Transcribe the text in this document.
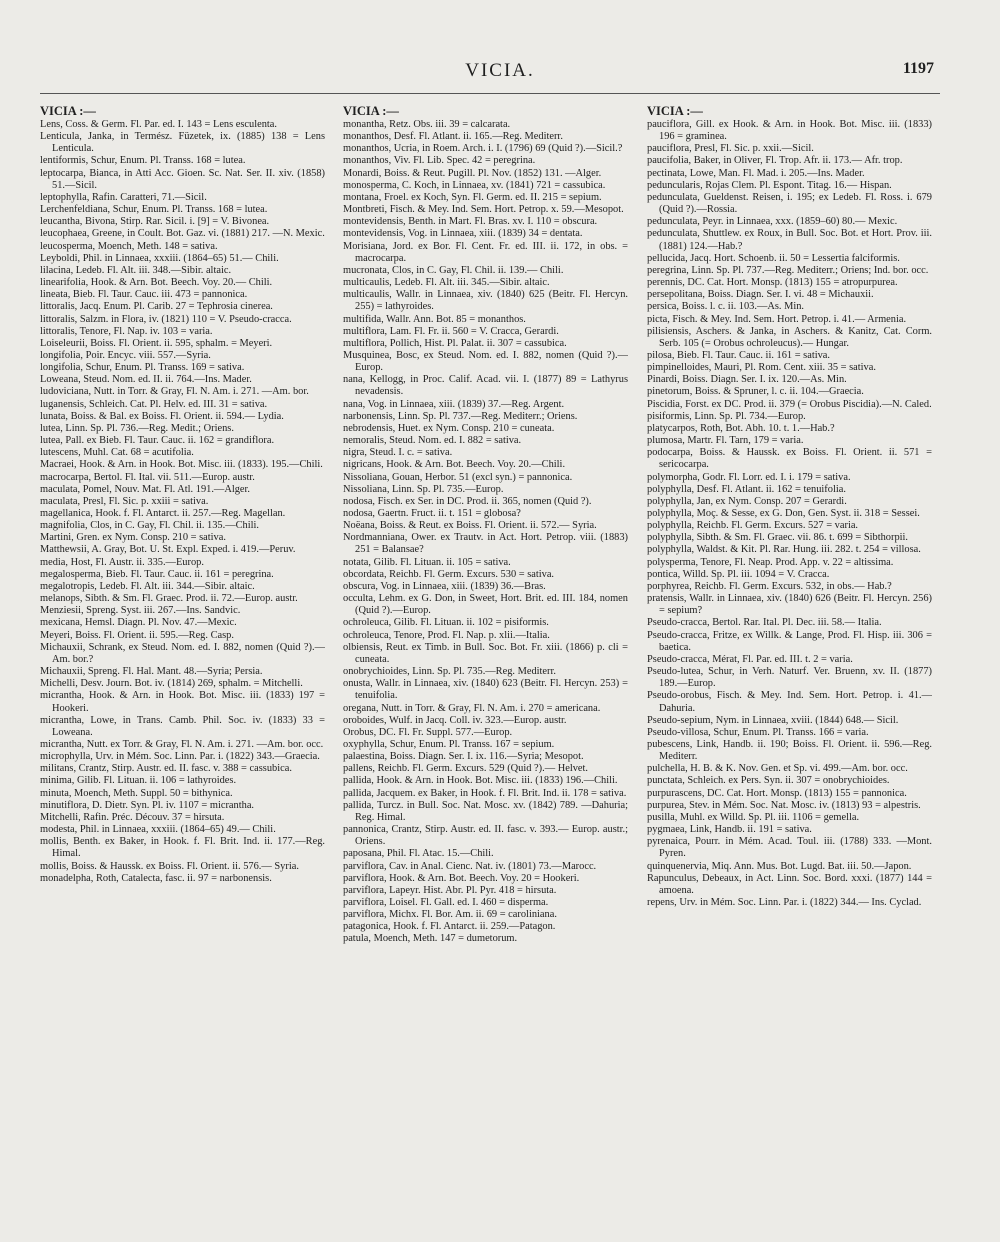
VICIA.	1197
VICIA :—

Lens, Coss. & Germ. Fl. Par. ed. I. 143 = Lens esculenta.

Lenticula, Janka, in Termész. Füzetek, ix. (1885) 138 = Lens Lenticula.

lentiformis, Schur, Enum. Pl. Transs. 168 = lutea.

leptocarpa, Bianca, in Atti Acc. Gioen. Sc. Nat. Ser. II. xiv. (1858) 51.—Sicil.

leptophylla, Rafin. Caratteri, 71.—Sicil.

Lerchenfeldiana, Schur, Enum. Pl. Transs. 168 = lutea.

leucantha, Bivona, Stirp. Rar. Sicil. i. [9] = V. Bivonea.

leucophaea, Greene, in Coult. Bot. Gaz. vi. (1881) 217. —N. Mexic.

leucosperma, Moench, Meth. 148 = sativa.

Leyboldi, Phil. in Linnaea, xxxiii. (1864–65) 51.— Chili.

lilacina, Ledeb. Fl. Alt. iii. 348.—Sibir. altaic.

linearifolia, Hook. & Arn. Bot. Beech. Voy. 20.— Chili.

lineata, Bieb. Fl. Taur. Cauc. iii. 473 = pannonica.

littoralis, Jacq. Enum. Pl. Carib. 27 = Tephrosia cinerea.

littoralis, Salzm. in Flora, iv. (1821) 110 = V. Pseudo-cracca.

littoralis, Tenore, Fl. Nap. iv. 103 = varia.

Loiseleurii, Boiss. Fl. Orient. ii. 595, sphalm. = Meyeri.

longifolia, Poir. Encyc. viii. 557.—Syria.

longifolia, Schur, Enum. Pl. Transs. 169 = sativa.

Loweana, Steud. Nom. ed. II. ii. 764.—Ins. Mader.

ludoviciana, Nutt. in Torr. & Gray, Fl. N. Am. i. 271. —Am. bor.

luganensis, Schleich. Cat. Pl. Helv. ed. III. 31 = sativa.

lunata, Boiss. & Bal. ex Boiss. Fl. Orient. ii. 594.— Lydia.

lutea, Linn. Sp. Pl. 736.—Reg. Medit.; Oriens.

lutea, Pall. ex Bieb. Fl. Taur. Cauc. ii. 162 = grandiflora.

lutescens, Muhl. Cat. 68 = acutifolia.

Macraei, Hook. & Arn. in Hook. Bot. Misc. iii. (1833). 195.—Chili.

macrocarpa, Bertol. Fl. Ital. vii. 511.—Europ. austr.

maculata, Pomel, Nouv. Mat. Fl. Atl. 191.—Alger.

maculata, Presl, Fl. Sic. p. xxiii = sativa.

magellanica, Hook. f. Fl. Antarct. ii. 257.—Reg. Magellan.

magnifolia, Clos, in C. Gay, Fl. Chil. ii. 135.—Chili.

Martini, Gren. ex Nym. Consp. 210 = sativa.

Matthewsii, A. Gray, Bot. U. St. Expl. Exped. i. 419.—Peruv.

media, Host, Fl. Austr. ii. 335.—Europ.

megalosperma, Bieb. Fl. Taur. Cauc. ii. 161 = peregrina.

megalotropis, Ledeb. Fl. Alt. iii. 344.—Sibir. altaic.

melanops, Sibth. & Sm. Fl. Graec. Prod. ii. 72.—Europ. austr.

Menziesii, Spreng. Syst. iii. 267.—Ins. Sandvic.

mexicana, Hemsl. Diagn. Pl. Nov. 47.—Mexic.

Meyeri, Boiss. Fl. Orient. ii. 595.—Reg. Casp.

Michauxii, Schrank, ex Steud. Nom. ed. I. 882, nomen (Quid ?).—Am. bor.?

Michauxii, Spreng. Fl. Hal. Mant. 48.—Syria; Persia.

Michelli, Desv. Journ. Bot. iv. (1814) 269, sphalm. = Mitchelli.

micrantha, Hook. & Arn. in Hook. Bot. Misc. iii. (1833) 197 = Hookeri.

micrantha, Lowe, in Trans. Camb. Phil. Soc. iv. (1833) 33 = Loweana.

micrantha, Nutt. ex Torr. & Gray, Fl. N. Am. i. 271. —Am. bor. occ.

microphylla, Urv. in Mém. Soc. Linn. Par. i. (1822) 343.—Graecia.

militans, Crantz, Stirp. Austr. ed. II. fasc. v. 388 = cassubica.

minima, Gilib. Fl. Lituan. ii. 106 = lathyroides.

minuta, Moench, Meth. Suppl. 50 = bithynica.

minutiflora, D. Dietr. Syn. Pl. iv. 1107 = micrantha.

Mitchelli, Rafin. Préc. Découv. 37 = hirsuta.

modesta, Phil. in Linnaea, xxxiii. (1864–65) 49.— Chili.

mollis, Benth. ex Baker, in Hook. f. Fl. Brit. Ind. ii. 177.—Reg. Himal.

mollis, Boiss. & Haussk. ex Boiss. Fl. Orient. ii. 576.— Syria.

monadelpha, Roth, Catalecta, fasc. ii. 97 = narbonensis.

VICIA :—

monantha, Retz. Obs. iii. 39 = calcarata.

monanthos, Desf. Fl. Atlant. ii. 165.—Reg. Mediterr.

monanthos, Ucria, in Roem. Arch. i. I. (1796) 69 (Quid ?).—Sicil.?

monanthos, Viv. Fl. Lib. Spec. 42 = peregrina.

Monardi, Boiss. & Reut. Pugill. Pl. Nov. (1852) 131. —Alger.

monosperma, C. Koch, in Linnaea, xv. (1841) 721 = cassubica.

montana, Froel. ex Koch, Syn. Fl. Germ. ed. II. 215 = sepium.

Montbreti, Fisch. & Mey. Ind. Sem. Hort. Petrop. x. 59.—Mesopot.

montevidensis, Benth. in Mart. Fl. Bras. xv. I. 110 = obscura.

montevidensis, Vog. in Linnaea, xiii. (1839) 34 = dentata.

Morisiana, Jord. ex Bor. Fl. Cent. Fr. ed. III. ii. 172, in obs. = macrocarpa.

mucronata, Clos, in C. Gay, Fl. Chil. ii. 139.— Chili.

multicaulis, Ledeb. Fl. Alt. iii. 345.—Sibir. altaic.

multicaulis, Wallr. in Linnaea, xiv. (1840) 625 (Beitr. Fl. Hercyn. 255) = lathyroides.

multifida, Wallr. Ann. Bot. 85 = monanthos.

multiflora, Lam. Fl. Fr. ii. 560 = V. Cracca, Gerardi.

multiflora, Pollich, Hist. Pl. Palat. ii. 307 = cassubica.

Musquinea, Bosc, ex Steud. Nom. ed. I. 882, nomen (Quid ?).—Europ.

nana, Kellogg, in Proc. Calif. Acad. vii. I. (1877) 89 = Lathyrus nevadensis.

nana, Vog. in Linnaea, xiii. (1839) 37.—Reg. Argent.

narbonensis, Linn. Sp. Pl. 737.—Reg. Mediterr.; Oriens.

nebrodensis, Huet. ex Nym. Consp. 210 = cuneata.

nemoralis, Steud. Nom. ed. I. 882 = sativa.

nigra, Steud. I. c. = sativa.

nigricans, Hook. & Arn. Bot. Beech. Voy. 20.—Chili.

Nissoliana, Gouan, Herbor. 51 (excl syn.) = pannonica.

Nissoliana, Linn. Sp. Pl. 735.—Europ.

nodosa, Fisch. ex Ser. in DC. Prod. ii. 365, nomen (Quid ?).

nodosa, Gaertn. Fruct. ii. t. 151 = globosa?

Noëana, Boiss. & Reut. ex Boiss. Fl. Orient. ii. 572.— Syria.

Nordmanniana, Ower. ex Trautv. in Act. Hort. Petrop. viii. (1883) 251 = Balansae?

notata, Gilib. Fl. Lituan. ii. 105 = sativa.

obcordata, Reichb. Fl. Germ. Excurs. 530 = sativa.

obscura, Vog. in Linnaea, xiii. (1839) 36.—Bras.

occulta, Lehm. ex G. Don, in Sweet, Hort. Brit. ed. III. 184, nomen (Quid ?).—Europ.

ochroleuca, Gilib. Fl. Lituan. ii. 102 = pisiformis.

ochroleuca, Tenore, Prod. Fl. Nap. p. xlii.—Italia.

olbiensis, Reut. ex Timb. in Bull. Soc. Bot. Fr. xiii. (1866) p. cli = cuneata.

onobrychioides, Linn. Sp. Pl. 735.—Reg. Mediterr.

onusta, Wallr. in Linnaea, xiv. (1840) 623 (Beitr. Fl. Hercyn. 253) = tenuifolia.

oregana, Nutt. in Torr. & Gray, Fl. N. Am. i. 270 = americana.

oroboides, Wulf. in Jacq. Coll. iv. 323.—Europ. austr.

Orobus, DC. Fl. Fr. Suppl. 577.—Europ.

oxyphylla, Schur, Enum. Pl. Transs. 167 = sepium.

palaestina, Boiss. Diagn. Ser. I. ix. 116.—Syria; Mesopot.

pallens, Reichb. Fl. Germ. Excurs. 529 (Quid ?).— Helvet.

pallida, Hook. & Arn. in Hook. Bot. Misc. iii. (1833) 196.—Chili.

pallida, Jacquem. ex Baker, in Hook. f. Fl. Brit. Ind. ii. 178 = sativa.

pallida, Turcz. in Bull. Soc. Nat. Mosc. xv. (1842) 789. —Dahuria; Reg. Himal.

pannonica, Crantz, Stirp. Austr. ed. II. fasc. v. 393.— Europ. austr.; Oriens.

paposana, Phil. Fl. Atac. 15.—Chili.

parviflora, Cav. in Anal. Cienc. Nat. iv. (1801) 73.—Marocc.

parviflora, Hook. & Arn. Bot. Beech. Voy. 20 = Hookeri.

parviflora, Lapeyr. Hist. Abr. Pl. Pyr. 418 = hirsuta.

parviflora, Loisel. Fl. Gall. ed. I. 460 = disperma.

parviflora, Michx. Fl. Bor. Am. ii. 69 = caroliniana.

patagonica, Hook. f. Fl. Antarct. ii. 259.—Patagon.

patula, Moench, Meth. 147 = dumetorum.

VICIA :—

pauciflora, Gill. ex Hook. & Arn. in Hook. Bot. Misc. iii. (1833) 196 = graminea.

pauciflora, Presl, Fl. Sic. p. xxii.—Sicil.

paucifolia, Baker, in Oliver, Fl. Trop. Afr. ii. 173.— Afr. trop.

pectinata, Lowe, Man. Fl. Mad. i. 205.—Ins. Mader.

peduncularis, Rojas Clem. Pl. Espont. Titag. 16.— Hispan.

pedunculata, Gueldenst. Reisen, i. 195; ex Ledeb. Fl. Ross. i. 679 (Quid ?).—Rossia.

pedunculata, Peyr. in Linnaea, xxx. (1859–60) 80.— Mexic.

pedunculata, Shuttlew. ex Roux, in Bull. Soc. Bot. et Hort. Prov. iii. (1881) 124.—Hab.?

pellucida, Jacq. Hort. Schoenb. ii. 50 = Lessertia falciformis.

peregrina, Linn. Sp. Pl. 737.—Reg. Mediterr.; Oriens; Ind. bor. occ.

perennis, DC. Cat. Hort. Monsp. (1813) 155 = atropurpurea.

persepolitana, Boiss. Diagn. Ser. I. vi. 48 = Michauxii.

persica, Boiss. l. c. ii. 103.—As. Min.

picta, Fisch. & Mey. Ind. Sem. Hort. Petrop. i. 41.— Armenia.

pilisiensis, Aschers. & Janka, in Aschers. & Kanitz, Cat. Corm. Serb. 105 (= Orobus ochroleucus).— Hungar.

pilosa, Bieb. Fl. Taur. Cauc. ii. 161 = sativa.

pimpinelloides, Mauri, Pl. Rom. Cent. xiii. 35 = sativa.

Pinardi, Boiss. Diagn. Ser. I. ix. 120.—As. Min.

pinetorum, Boiss. & Spruner, l. c. ii. 104.—Graecia.

Piscidia, Forst. ex DC. Prod. ii. 379 (= Orobus Piscidia).—N. Caled.

pisiformis, Linn. Sp. Pl. 734.—Europ.

platycarpos, Roth, Bot. Abh. 10. t. 1.—Hab.?

plumosa, Martr. Fl. Tarn, 179 = varia.

podocarpa, Boiss. & Haussk. ex Boiss. Fl. Orient. ii. 571 = sericocarpa.

polymorpha, Godr. Fl. Lorr. ed. I. i. 179 = sativa.

polyphylla, Desf. Fl. Atlant. ii. 162 = tenuifolia.

polyphylla, Jan, ex Nym. Consp. 207 = Gerardi.

polyphylla, Moç. & Sesse, ex G. Don, Gen. Syst. ii. 318 = Sessei.

polyphylla, Reichb. Fl. Germ. Excurs. 527 = varia.

polyphylla, Sibth. & Sm. Fl. Graec. vii. 86. t. 699 = Sibthorpii.

polyphylla, Waldst. & Kit. Pl. Rar. Hung. iii. 282. t. 254 = villosa.

polysperma, Tenore, Fl. Neap. Prod. App. v. 22 = altissima.

pontica, Willd. Sp. Pl. iii. 1094 = V. Cracca.

porphyrea, Reichb. Fl. Germ. Excurs. 532, in obs.— Hab.?

pratensis, Wallr. in Linnaea, xiv. (1840) 626 (Beitr. Fl. Hercyn. 256) = sepium?

Pseudo-cracca, Bertol. Rar. Ital. Pl. Dec. iii. 58.— Italia.

Pseudo-cracca, Fritze, ex Willk. & Lange, Prod. Fl. Hisp. iii. 306 = baetica.

Pseudo-cracca, Mérat, Fl. Par. ed. III. t. 2 = varia.

Pseudo-lutea, Schur, in Verh. Naturf. Ver. Bruenn, xv. II. (1877) 189.—Europ.

Pseudo-orobus, Fisch. & Mey. Ind. Sem. Hort. Petrop. i. 41.—Dahuria.

Pseudo-sepium, Nym. in Linnaea, xviii. (1844) 648.— Sicil.

Pseudo-villosa, Schur, Enum. Pl. Transs. 166 = varia.

pubescens, Link, Handb. ii. 190; Boiss. Fl. Orient. ii. 596.—Reg. Mediterr.

pulchella, H. B. & K. Nov. Gen. et Sp. vi. 499.—Am. bor. occ.

punctata, Schleich. ex Pers. Syn. ii. 307 = onobrychioides.

purpurascens, DC. Cat. Hort. Monsp. (1813) 155 = pannonica.

purpurea, Stev. in Mém. Soc. Nat. Mosc. iv. (1813) 93 = alpestris.

pusilla, Muhl. ex Willd. Sp. Pl. iii. 1106 = gemella.

pygmaea, Link, Handb. ii. 191 = sativa.

pyrenaica, Pourr. in Mém. Acad. Toul. iii. (1788) 333. —Mont. Pyren.

quinquenervia, Miq. Ann. Mus. Bot. Lugd. Bat. iii. 50.—Japon.

Rapunculus, Debeaux, in Act. Linn. Soc. Bord. xxxi. (1877) 144 = amoena.

repens, Urv. in Mém. Soc. Linn. Par. i. (1822) 344.— Ins. Cyclad.
